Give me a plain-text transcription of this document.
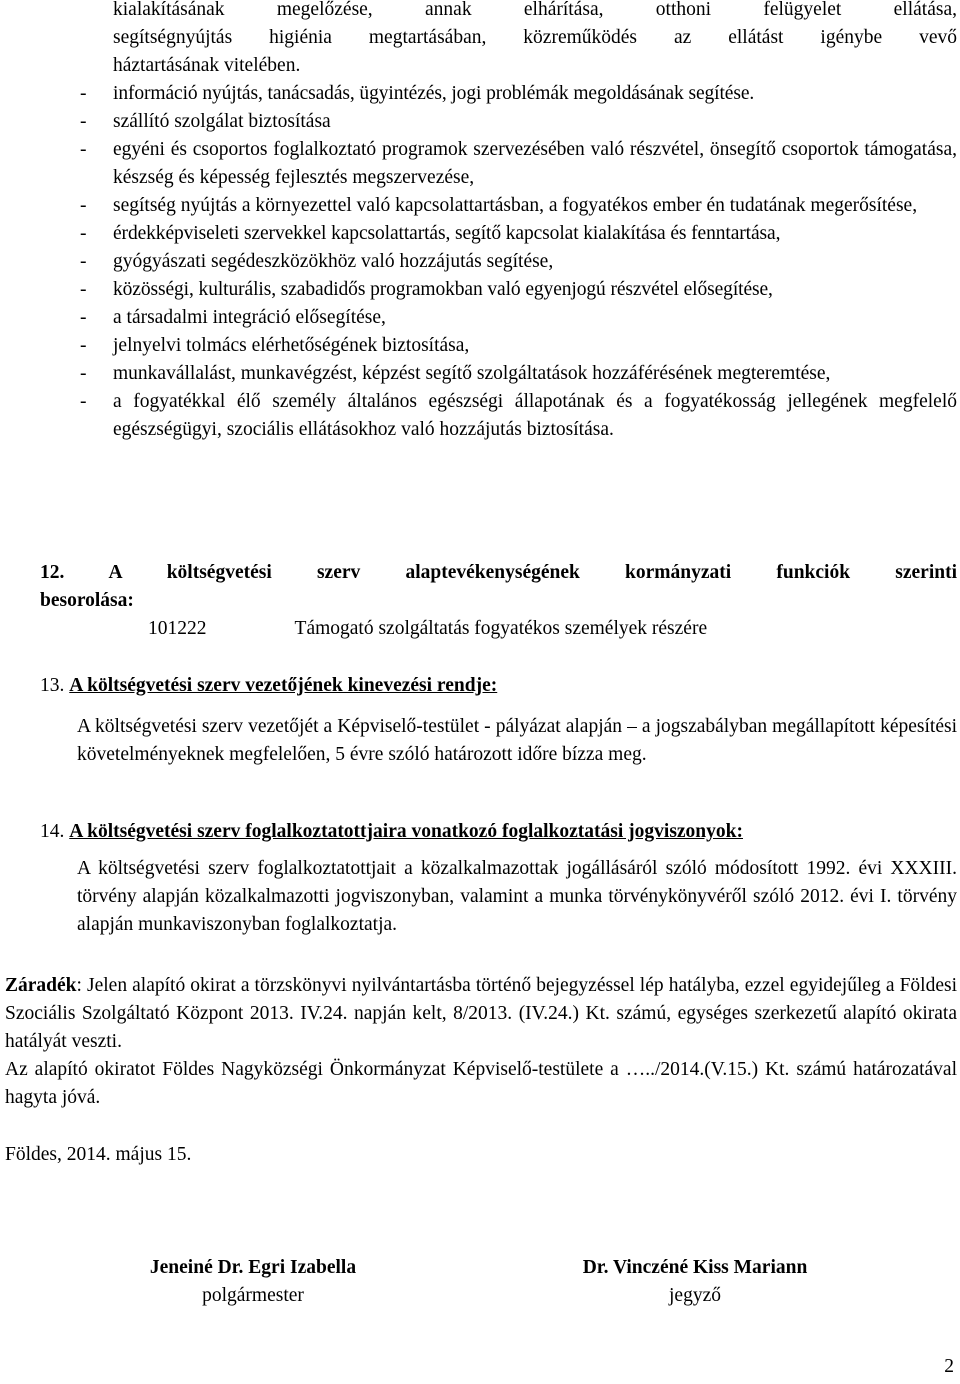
kialakításának megelőzése, annak elhárítása, otthoni felügyelet ellátása,
segítségnyújtás higiénia megtartásában, közreműködés az ellátást igénybe vevő
háztartásának vitelében.
- információ nyújtás, tanácsadás, ügyintézés, jogi problémák megoldásának segítése.
- szállító szolgálat biztosítása
- egyéni és csoportos foglalkoztató programok szervezésében való részvétel, önsegítő csoportok támogatása, készség és képesség fejlesztés megszervezése,
- segítség nyújtás a környezettel való kapcsolattartásban, a fogyatékos ember én tudatának megerősítése,
- érdekképviseleti szervekkel kapcsolattartás, segítő kapcsolat kialakítása és fenntartása,
- gyógyászati segédeszközökhöz való hozzájutás segítése,
- közösségi, kulturális, szabadidős programokban való egyenjogú részvétel elősegítése,
- a társadalmi integráció elősegítése,
- jelnyelvi tolmács elérhetőségének biztosítása,
- munkavállalást, munkavégzést, képzést segítő szolgáltatások hozzáférésének megteremtése,
- a fogyatékkal élő személy általános egészségi állapotának és a fogyatékosság jellegének megfelelő egészségügyi, szociális ellátásokhoz való hozzájutás biztosítása.
12. A költségvetési szerv alaptevékenységének kormányzati funkciók szerinti
besorolása:
101222	Támogató szolgáltatás fogyatékos személyek részére
13. A költségvetési szerv vezetőjének kinevezési rendje:
A költségvetési szerv vezetőjét a Képviselő-testület - pályázat alapján – a jogszabályban megállapított képesítési követelményeknek megfelelően, 5 évre szóló határozott időre bízza meg.
14. A költségvetési szerv foglalkoztatottjaira vonatkozó foglalkoztatási jogviszonyok:
A költségvetési szerv foglalkoztatottjait a közalkalmazottak jogállásáról szóló módosított 1992. évi XXXIII. törvény alapján közalkalmazotti jogviszonyban, valamint a munka törvénykönyvéről szóló 2012. évi I. törvény alapján munkaviszonyban foglalkoztatja.
Záradék: Jelen alapító okirat a törzskönyvi nyilvántartásba történő bejegyzéssel lép hatályba, ezzel egyidejűleg a Földesi Szociális Szolgáltató Központ 2013. IV.24. napján kelt, 8/2013. (IV.24.) Kt. számú, egységes szerkezetű alapító okirata hatályát veszti.
Az alapító okiratot Földes Nagyközségi Önkormányzat Képviselő-testülete a …../2014.(V.15.) Kt. számú határozatával hagyta jóvá.
Földes, 2014. május 15.
Jeneiné Dr. Egri Izabella
polgármester
Dr. Vinczéné Kiss Mariann
jegyző
2
